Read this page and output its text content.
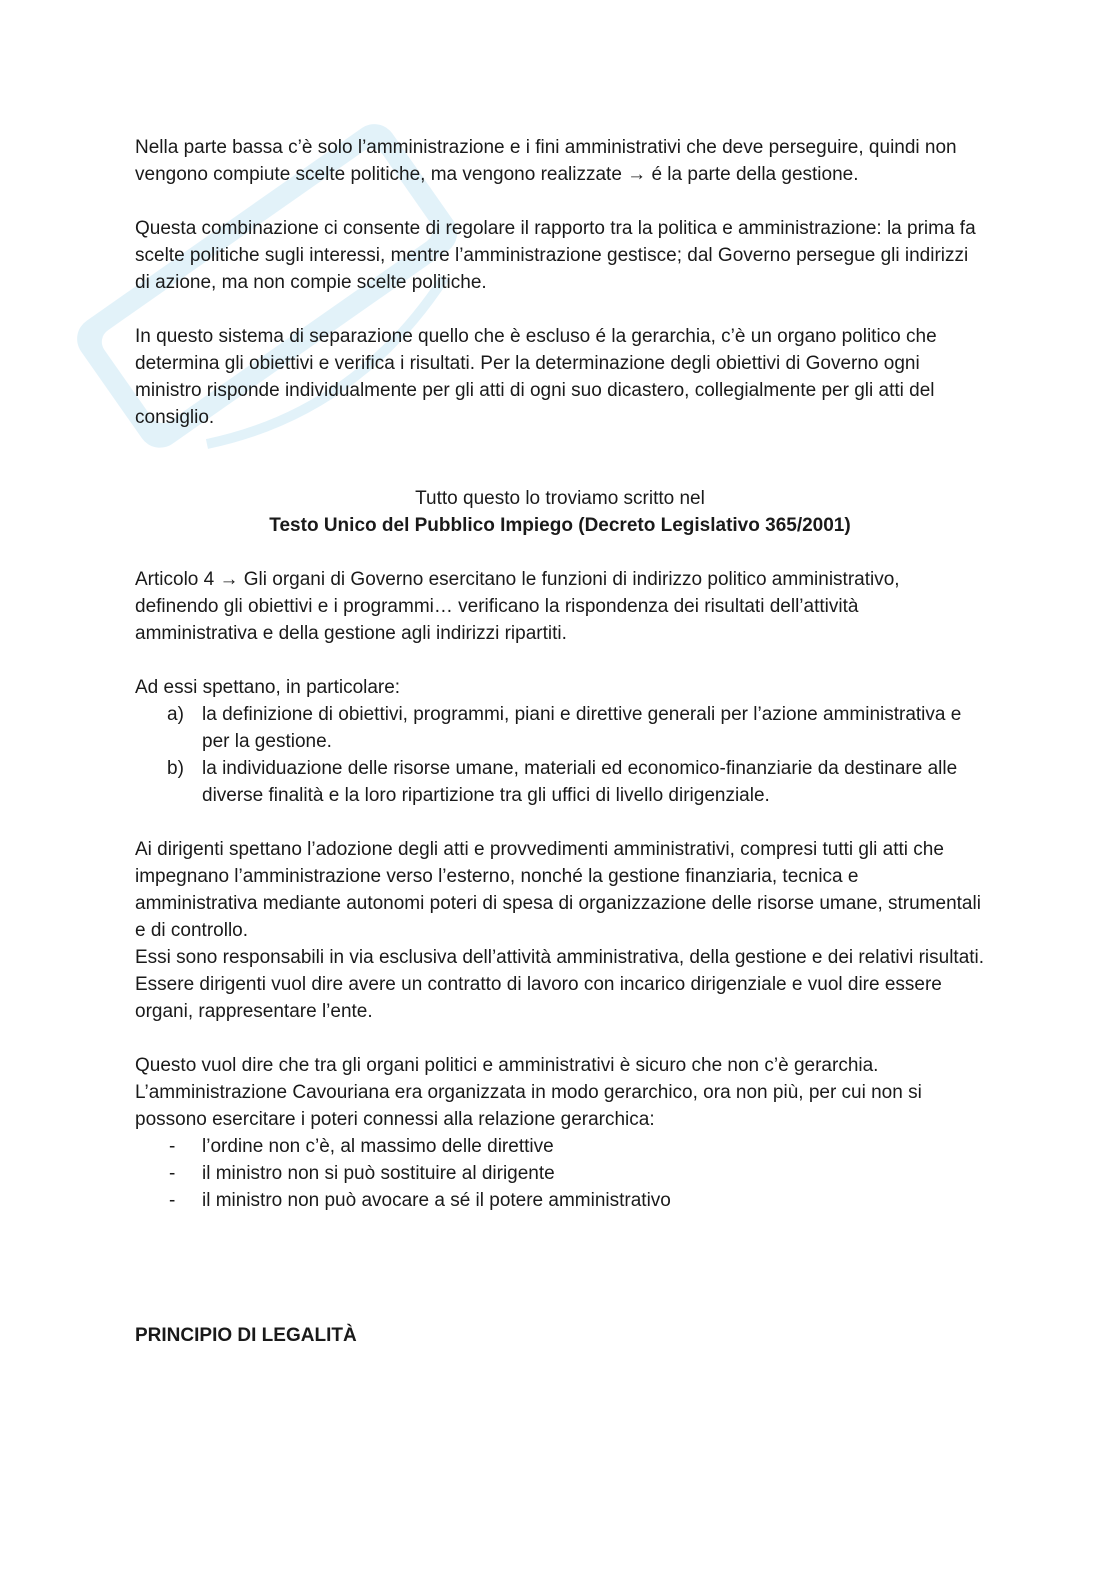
Nella parte bassa c’è solo l’amministrazione e i fini amministrativi che deve perseguire, quindi non vengono compiute scelte politiche, ma vengono realizzate → é la parte della gestione.

Questa combinazione ci consente di regolare il rapporto tra la politica e amministrazione: la prima fa scelte politiche sugli interessi, mentre l’amministrazione gestisce; dal Governo persegue gli indirizzi di azione, ma non compie scelte politiche.

In questo sistema di separazione quello che è escluso é la gerarchia, c’è un organo politico che determina gli obiettivi e verifica i risultati. Per la determinazione degli obiettivi di Governo ogni ministro risponde individualmente per gli atti di ogni suo dicastero, collegialmente per gli atti del consiglio.

Tutto questo lo troviamo scritto nel

Testo Unico del Pubblico Impiego (Decreto Legislativo 365/2001)

Articolo 4 → Gli organi di Governo esercitano le funzioni di indirizzo politico amministrativo, definendo gli obiettivi e i programmi… verificano la rispondenza dei risultati dell’attività amministrativa e della gestione agli indirizzi ripartiti.

Ad essi spettano, in particolare:

a) la definizione di obiettivi, programmi, piani e direttive generali per l’azione amministrativa e per la gestione.
b) la individuazione delle risorse umane, materiali ed economico-finanziarie da destinare alle diverse finalità e la loro ripartizione tra gli uffici di livello dirigenziale.

Ai dirigenti spettano l’adozione degli atti e provvedimenti amministrativi, compresi tutti gli atti che impegnano l’amministrazione verso l’esterno, nonché la gestione finanziaria, tecnica e amministrativa mediante autonomi poteri di spesa di organizzazione delle risorse umane, strumentali e di controllo.

Essi sono responsabili in via esclusiva dell’attività amministrativa, della gestione e dei relativi risultati.

Essere dirigenti vuol dire avere un contratto di lavoro con incarico dirigenziale e vuol dire essere organi, rappresentare l’ente.

Questo vuol dire che tra gli organi politici e amministrativi è sicuro che non c’è gerarchia.

L’amministrazione Cavouriana era organizzata in modo gerarchico, ora non più, per cui non si possono esercitare i poteri connessi alla relazione gerarchica:

- l’ordine non c’è, al massimo delle direttive
- il ministro non si può sostituire al dirigente
- il ministro non può avocare a sé il potere amministrativo

PRINCIPIO DI LEGALITÀ
